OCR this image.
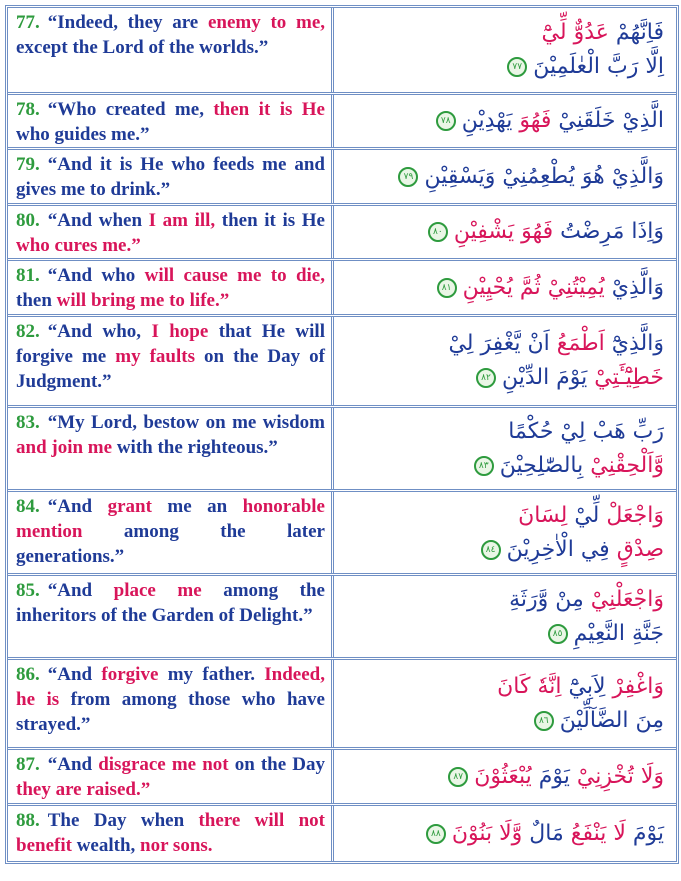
77. “Indeed, they are enemy to me, except the Lord of the worlds.”
فَاِنَّهُمْ عَدُوٌّ لِّيْٓ
اِلَّا رَبَّ الْعٰلَمِيْنَ٧٧
78. “Who created me, then it is He who guides me.”
الَّذِيْ خَلَقَنِيْ فَهُوَ يَهْدِيْنِ٧٨
79. “And it is He who feeds me and gives me to drink.”
وَالَّذِيْ هُوَ يُطْعِمُنِيْ وَيَسْقِيْنِ٧٩
80. “And when I am ill, then it is He who cures me.”
وَاِذَا مَرِضْتُ فَهُوَ يَشْفِيْنِ٨٠
81. “And who will cause me to die, then will bring me to life.”
وَالَّذِيْ يُمِيْتُنِيْ ثُمَّ يُحْيِيْنِ٨١
82. “And who, I hope that He will forgive me my faults on the Day of Judgment.”
وَالَّذِيْٓ اَطْمَعُ اَنْ يَّغْفِرَ لِيْ
خَطِيْٓـَٔتِيْ يَوْمَ الدِّيْنِ٨٢
83. “My Lord, bestow on me wisdom and join me with the righteous.”
رَبِّ هَبْ لِيْ حُكْمًا
وَّاَلْحِقْنِيْ بِالصّٰلِحِيْنَ٨٣
84. “And grant me an honorable mention among the later generations.”
وَاجْعَلْ لِّيْ لِسَانَ
صِدْقٍ فِي الْاٰخِرِيْنَ٨٤
85. “And place me among the inheritors of the Garden of Delight.”
وَاجْعَلْنِيْ مِنْ وَّرَثَةِ
جَنَّةِ النَّعِيْمِ٨٥
86. “And forgive my father. Indeed, he is from among those who have strayed.”
وَاغْفِرْ لِاَبِيْٓ اِنَّهٗ كَانَ
مِنَ الضَّآلِّيْنَ٨٦
87. “And disgrace me not on the Day they are raised.”
وَلَا تُخْزِنِيْ يَوْمَ يُبْعَثُوْنَ٨٧
88. The Day when there will not benefit wealth, nor sons.	يَوْمَ لَا يَنْفَعُ مَالٌ وَّلَا بَنُوْنَ٨٨
